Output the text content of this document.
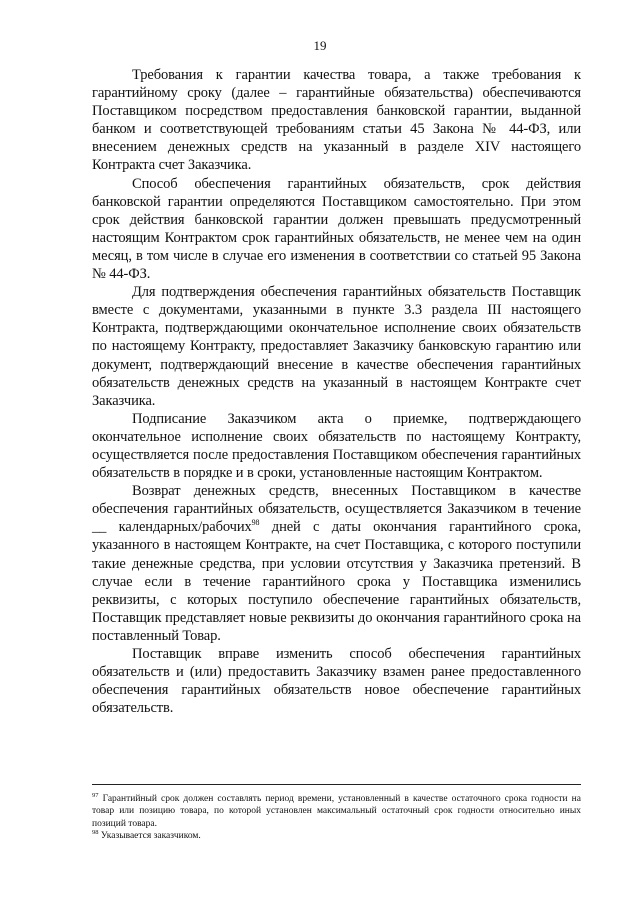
19

Требования к гарантии качества товара, а также требования к гарантийному сроку (далее – гарантийные обязательства) обеспечиваются Поставщиком посредством предоставления банковской гарантии, выданной банком и соответствующей требованиям статьи 45 Закона № 44-ФЗ, или внесением денежных средств на указанный в разделе XIV настоящего Контракта счет Заказчика.

Способ обеспечения гарантийных обязательств, срок действия банковской гарантии определяются Поставщиком самостоятельно. При этом срок действия банковской гарантии должен превышать предусмотренный настоящим Контрактом срок гарантийных обязательств, не менее чем на один месяц, в том числе в случае его изменения в соответствии со статьей 95 Закона № 44-ФЗ.

Для подтверждения обеспечения гарантийных обязательств Поставщик вместе с документами, указанными в пункте 3.3 раздела III настоящего Контракта, подтверждающими окончательное исполнение своих обязательств по настоящему Контракту, предоставляет Заказчику банковскую гарантию или документ, подтверждающий внесение в качестве обеспечения гарантийных обязательств денежных средств на указанный в настоящем Контракте счет Заказчика.

Подписание Заказчиком акта о приемке, подтверждающего окончательное исполнение своих обязательств по настоящему Контракту, осуществляется после предоставления Поставщиком обеспечения гарантийных обязательств в порядке и в сроки, установленные настоящим Контрактом.

Возврат денежных средств, внесенных Поставщиком в качестве обеспечения гарантийных обязательств, осуществляется Заказчиком в течение __ календарных/рабочих$^{98}$ дней с даты окончания гарантийного срока, указанного в настоящем Контракте, на счет Поставщика, с которого поступили такие денежные средства, при условии отсутствия у Заказчика претензий. В случае если в течение гарантийного срока у Поставщика изменились реквизиты, с которых поступило обеспечение гарантийных обязательств, Поставщик представляет новые реквизиты до окончания гарантийного срока на поставленный Товар.

Поставщик вправе изменить способ обеспечения гарантийных обязательств и (или) предоставить Заказчику взамен ранее предоставленного обеспечения гарантийных обязательств новое обеспечение гарантийных обязательств.

$^{97}$ Гарантийный срок должен составлять период времени, установленный в качестве остаточного срока годности на товар или позицию товара, по которой установлен максимальный остаточный срок годности относительно иных позиций товара.

$^{98}$ Указывается заказчиком.
